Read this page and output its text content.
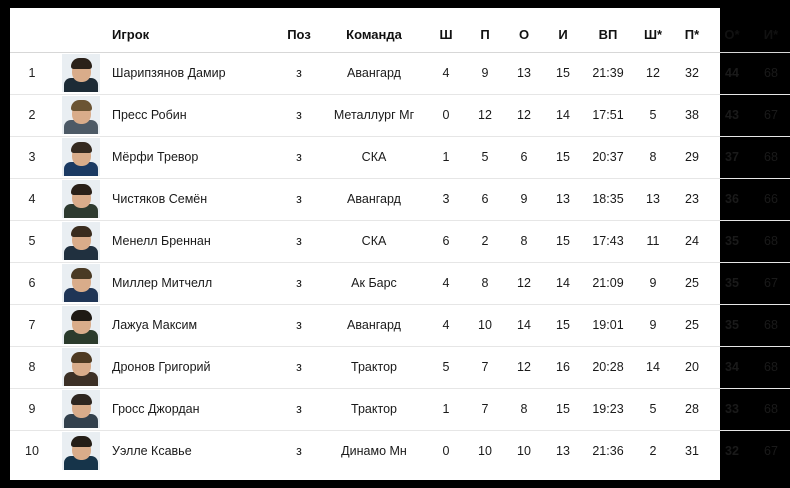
		Игрок	Поз	Команда	Ш	П	О	И	ВП	Ш*	П*	О*	И*
1		Шарипзянов Дамир	з	Авангард	4	9	13	15	21:39	12	32	44	68
2		Пресс Робин	з	Металлург Мг	0	12	12	14	17:51	5	38	43	67
3		Мёрфи Тревор	з	СКА	1	5	6	15	20:37	8	29	37	68
4		Чистяков Семён	з	Авангард	3	6	9	13	18:35	13	23	36	66
5		Менелл Бреннан	з	СКА	6	2	8	15	17:43	11	24	35	68
6		Миллер Митчелл	з	Ак Барс	4	8	12	14	21:09	9	25	35	67
7		Лажуа Максим	з	Авангард	4	10	14	15	19:01	9	25	35	68
8		Дронов Григорий	з	Трактор	5	7	12	16	20:28	14	20	34	68
9		Гросс Джордан	з	Трактор	1	7	8	15	19:23	5	28	33	68
10		Уэлле Ксавье	з	Динамо Мн	0	10	10	13	21:36	2	31	32	67
